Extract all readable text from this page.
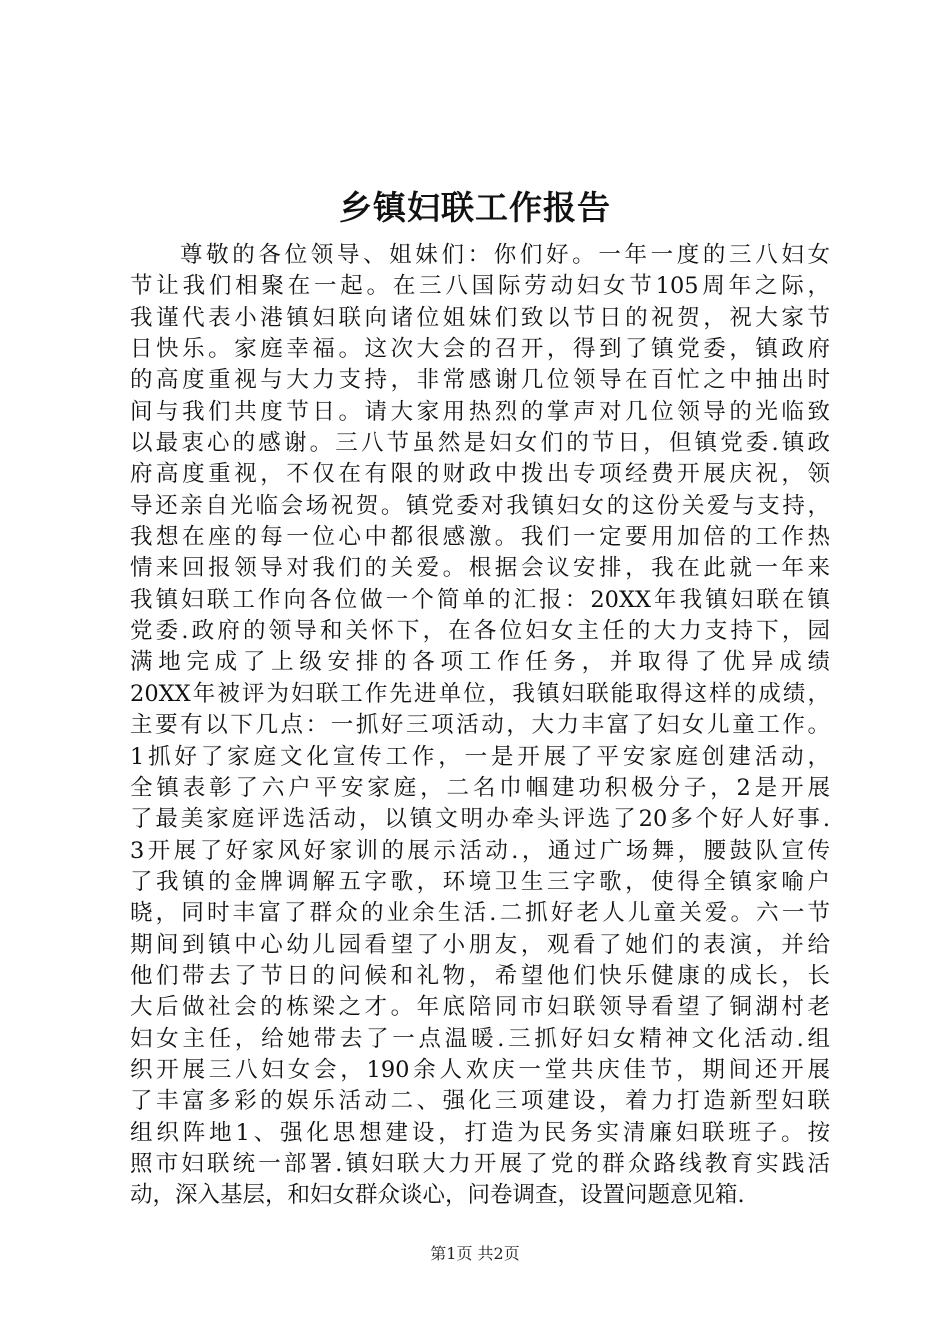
乡镇妇联工作报告
尊敬的各位领导、姐妹们：你们好。一年一度的三八妇女
节让我们相聚在一起。在三八国际劳动妇女节105周年之际，
我谨代表小港镇妇联向诸位姐妹们致以节日的祝贺，祝大家节
日快乐。家庭幸福。这次大会的召开，得到了镇党委，镇政府
的高度重视与大力支持，非常感谢几位领导在百忙之中抽出时
间与我们共度节日。请大家用热烈的掌声对几位领导的光临致
以最衷心的感谢。三八节虽然是妇女们的节日，但镇党委.镇政
府高度重视，不仅在有限的财政中拨出专项经费开展庆祝，领
导还亲自光临会场祝贺。镇党委对我镇妇女的这份关爱与支持，
我想在座的每一位心中都很感激。我们一定要用加倍的工作热
情来回报领导对我们的关爱。根据会议安排，我在此就一年来
我镇妇联工作向各位做一个简单的汇报：20XX年我镇妇联在镇
党委.政府的领导和关怀下，在各位妇女主任的大力支持下，园
满地完成了上级安排的各项工作任务，并取得了优异成绩
20XX年被评为妇联工作先进单位，我镇妇联能取得这样的成绩，
主要有以下几点：一抓好三项活动，大力丰富了妇女儿童工作。
1抓好了家庭文化宣传工作，一是开展了平安家庭创建活动，
全镇表彰了六户平安家庭，二名巾帼建功积极分子，2是开展
了最美家庭评选活动，以镇文明办牵头评选了20多个好人好事.
3开展了好家风好家训的展示活动.，通过广场舞，腰鼓队宣传
了我镇的金牌调解五字歌，环境卫生三字歌，使得全镇家喻户
晓，同时丰富了群众的业余生活.二抓好老人儿童关爱。六一节
期间到镇中心幼儿园看望了小朋友，观看了她们的表演，并给
他们带去了节日的问候和礼物，希望他们快乐健康的成长，长
大后做社会的栋梁之才。年底陪同市妇联领导看望了铜湖村老
妇女主任，给她带去了一点温暖.三抓好妇女精神文化活动.组
织开展三八妇女会，190余人欢庆一堂共庆佳节，期间还开展
了丰富多彩的娱乐活动二、强化三项建设，着力打造新型妇联
组织阵地1、强化思想建设，打造为民务实清廉妇联班子。按
照市妇联统一部署.镇妇联大力开展了党的群众路线教育实践活
动，深入基层，和妇女群众谈心，问卷调查，设置问题意见箱.
第1页 共2页
